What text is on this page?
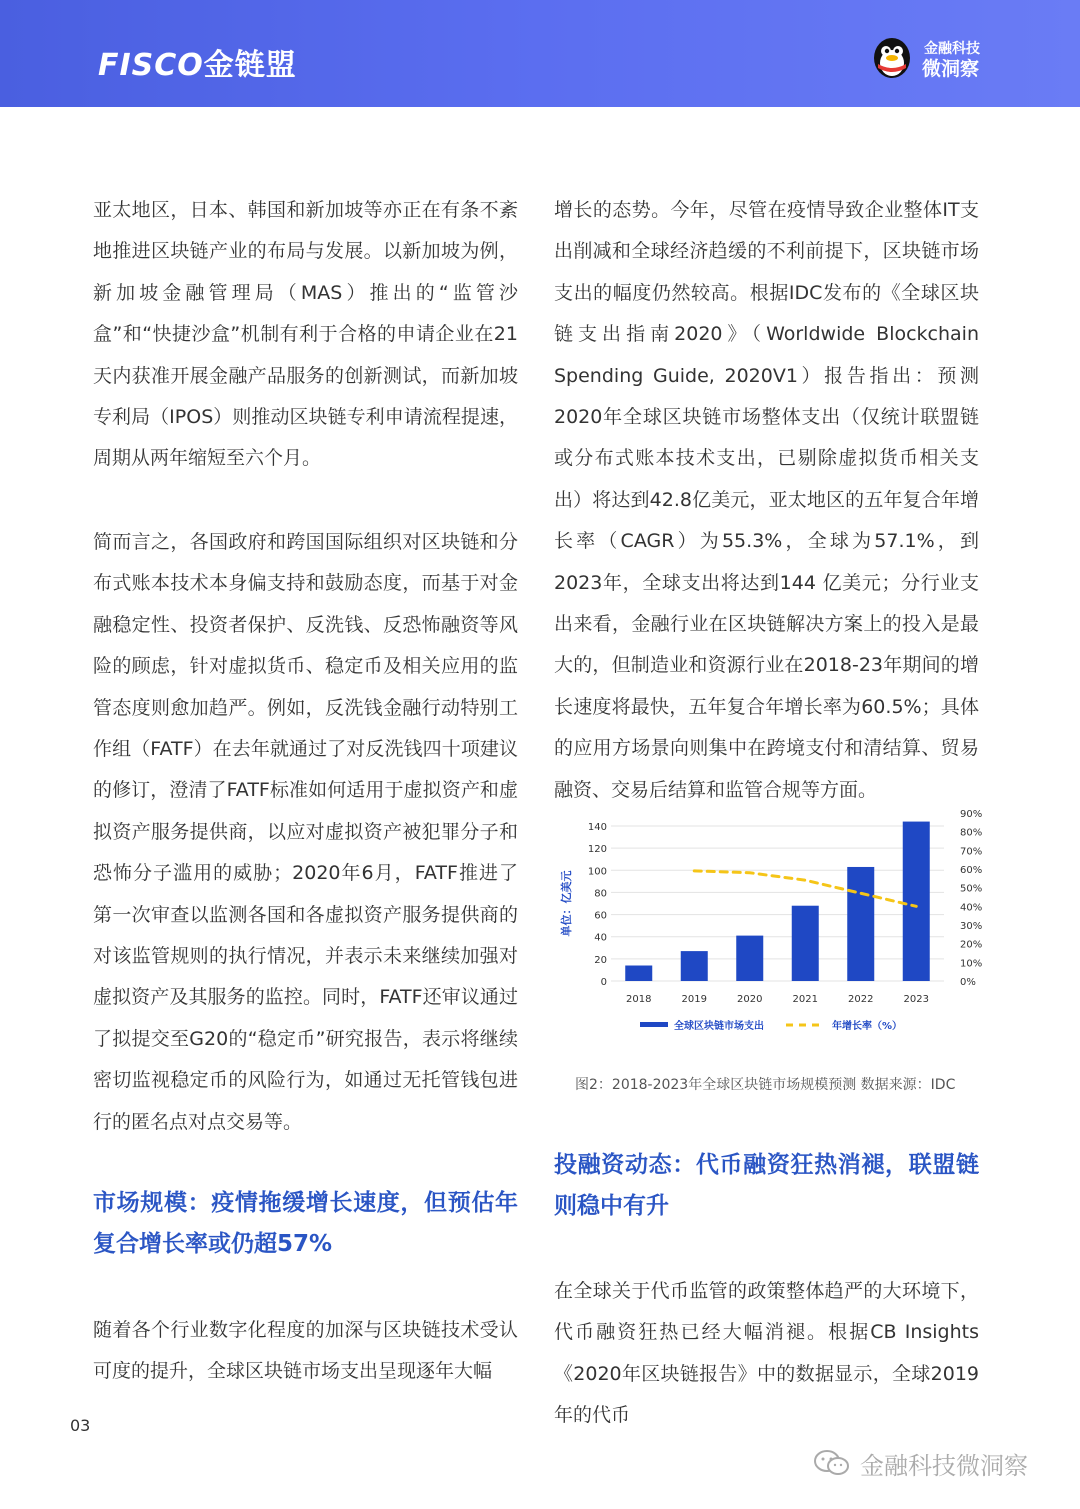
FISCO金链盟	金融科技
微洞察

亚太地区，日本、韩国和新加坡等亦正在有条不紊地推进区块链产业的布局与发展。以新加坡为例，新加坡金融管理局（MAS）推出的“监管沙盒”和“快捷沙盒”机制有利于合格的申请企业在21天内获准开展金融产品服务的创新测试，而新加坡专利局（IPOS）则推动区块链专利申请流程提速，周期从两年缩短至六个月。

简而言之，各国政府和跨国国际组织对区块链和分布式账本技术本身偏支持和鼓励态度，而基于对金融稳定性、投资者保护、反洗钱、反恐怖融资等风险的顾虑，针对虚拟货币、稳定币及相关应用的监管态度则愈加趋严。例如，反洗钱金融行动特别工作组（FATF）在去年就通过了对反洗钱四十项建议的修订，澄清了FATF标准如何适用于虚拟资产和虚拟资产服务提供商，以应对虚拟资产被犯罪分子和恐怖分子滥用的威胁；2020年6月，FATF推进了第一次审查以监测各国和各虚拟资产服务提供商的对该监管规则的执行情况，并表示未来继续加强对虚拟资产及其服务的监控。同时，FATF还审议通过了拟提交至G20的“稳定币”研究报告，表示将继续密切监视稳定币的风险行为，如通过无托管钱包进行的匿名点对点交易等。

市场规模：疫情拖缓增长速度，但预估年复合增长率或仍超57%

随着各个行业数字化程度的加深与区块链技术受认可度的提升，全球区块链市场支出呈现逐年大幅

增长的态势。今年，尽管在疫情导致企业整体IT支出削减和全球经济趋缓的不利前提下，区块链市场支出的幅度仍然较高。根据IDC发布的《全球区块链支出指南2020》（Worldwide Blockchain Spending Guide, 2020V1）报告指出：预测2020年全球区块链市场整体支出（仅统计联盟链或分布式账本技术支出，已剔除虚拟货币相关支出）将达到42.8亿美元，亚太地区的五年复合年增长率（CAGR）为55.3%，全球为57.1%，到2023年，全球支出将达到144 亿美元；分行业支出来看，金融行业在区块链解决方案上的投入是最大的，但制造业和资源行业在2018-23年期间的增长速度将最快，五年复合年增长率为60.5%；具体的应用方场景向则集中在跨境支付和清结算、贸易融资、交易后结算和监管合规等方面。

0
20
40
60
80
100
120
140
0%
10%
20%
30%
40%
50%
60%
70%
80%
90%
单位：亿美元
2018	2019	2020	2021	2022	2023
全球区块链市场支出	年增长率（%）
图2：2018-2023年全球区块链市场规模预测 数据来源：IDC
投融资动态：代币融资狂热消褪，联盟链则稳中有升

在全球关于代币监管的政策整体趋严的大环境下，代币融资狂热已经大幅消褪。根据CB Insights《2020年区块链报告》中的数据显示，全球2019年的代币

03
金融科技微洞察
